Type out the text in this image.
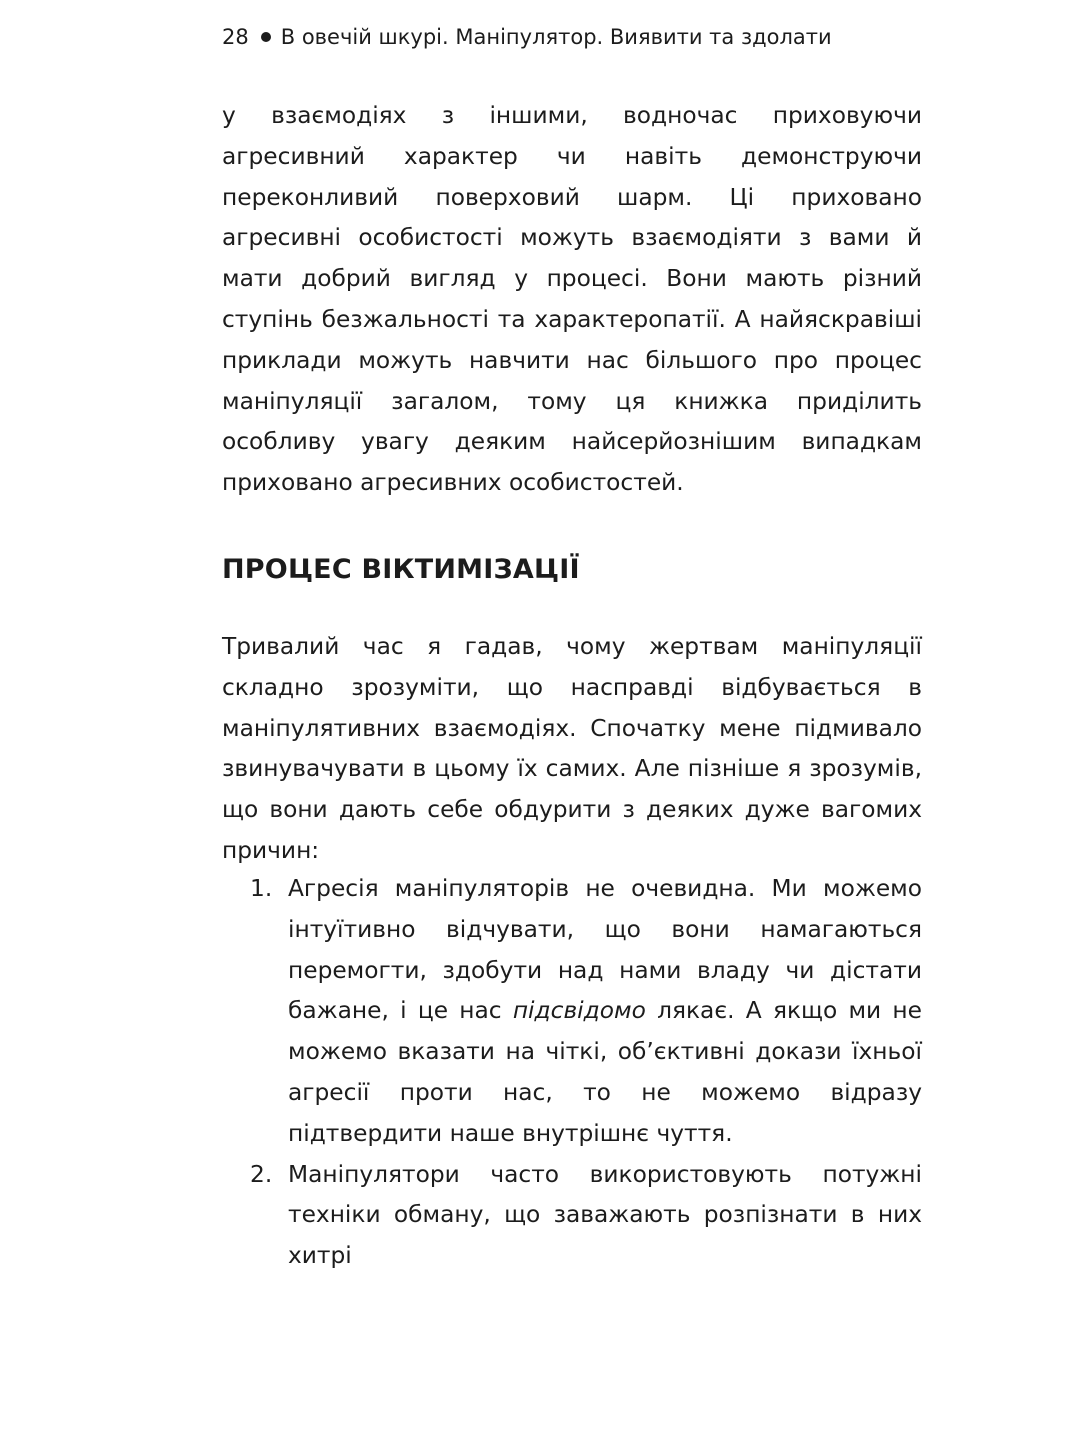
28 В овечій шкурі. Маніпулятор. Виявити та здолати

у взаємодіях з іншими, водночас приховуючи агресивний характер чи навіть демонструючи переконливий поверховий шарм. Ці приховано агресивні особистості можуть взаємодіяти з вами й мати добрий вигляд у процесі. Вони мають різний ступінь безжальності та характеропатії. А найяскравіші приклади можуть навчити нас більшого про процес маніпуляції загалом, тому ця книжка приділить особливу увагу деяким найсерйознішим випадкам приховано агресивних особистостей.

ПРОЦЕС ВІКТИМІЗАЦІЇ

Тривалий час я гадав, чому жертвам маніпуляції складно зрозуміти, що насправді відбувається в маніпулятивних взаємодіях. Спочатку мене підмивало звинувачувати в цьому їх самих. Але пізніше я зрозумів, що вони дають себе обдурити з деяких дуже вагомих причин:

1. Агресія маніпуляторів не очевидна. Ми можемо інтуїтивно відчувати, що вони намагаються перемогти, здобути над нами владу чи дістати бажане, і це нас підсвідомо лякає. А якщо ми не можемо вказати на чіткі, об’єктивні докази їхньої агресії проти нас, то не можемо відразу підтвердити наше внутрішнє чуття.
2. Маніпулятори часто використовують потужні техніки обману, що заважають розпізнати в них хитрі
